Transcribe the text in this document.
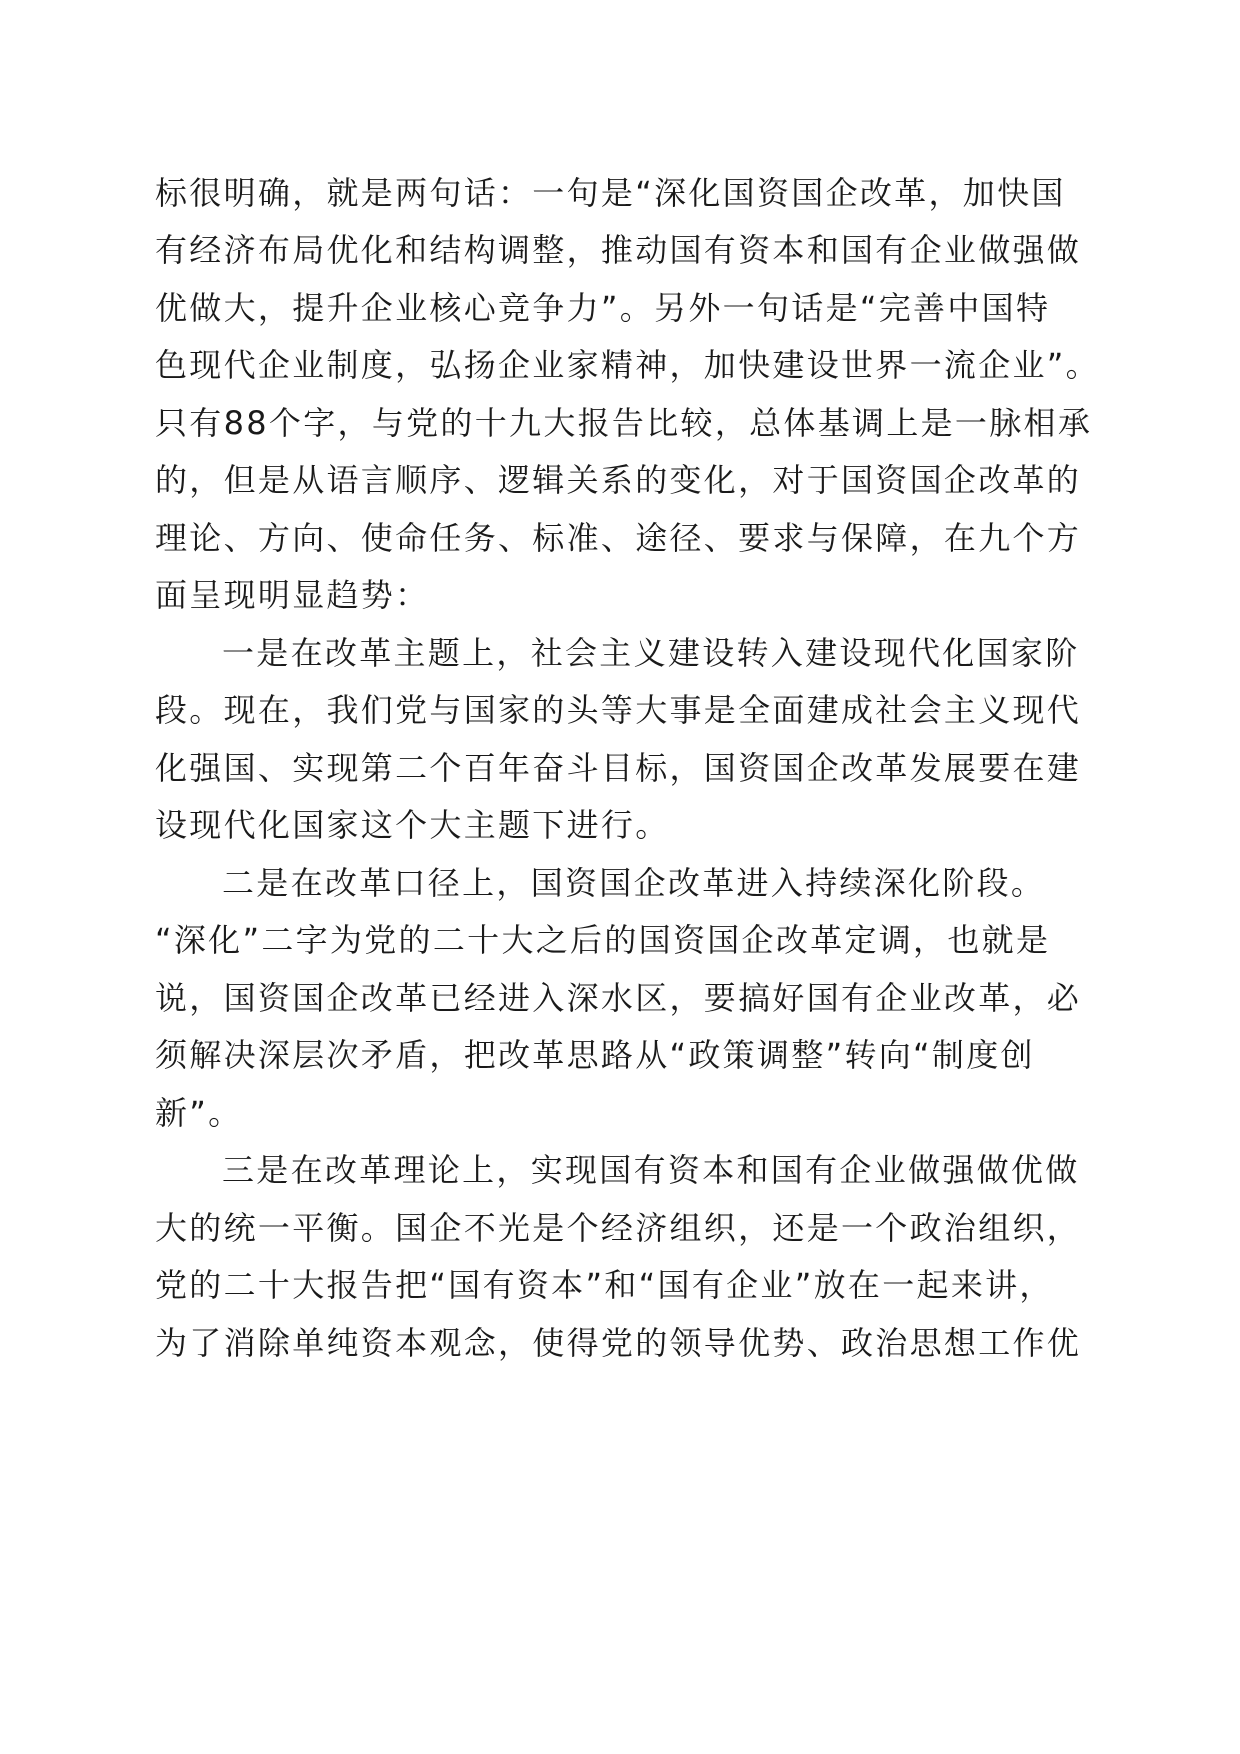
标很明确，就是两句话：一句是“深化国资国企改革，加快国
有经济布局优化和结构调整，推动国有资本和国有企业做强做
优做大，提升企业核心竞争力”。另外一句话是“完善中国特
色现代企业制度，弘扬企业家精神，加快建设世界一流企业”。
只有88个字，与党的十九大报告比较，总体基调上是一脉相承
的，但是从语言顺序、逻辑关系的变化，对于国资国企改革的
理论、方向、使命任务、标准、途径、要求与保障，在九个方
面呈现明显趋势：
一是在改革主题上，社会主义建设转入建设现代化国家阶
段。现在，我们党与国家的头等大事是全面建成社会主义现代
化强国、实现第二个百年奋斗目标，国资国企改革发展要在建
设现代化国家这个大主题下进行。
二是在改革口径上，国资国企改革进入持续深化阶段。
“深化”二字为党的二十大之后的国资国企改革定调，也就是
说，国资国企改革已经进入深水区，要搞好国有企业改革，必
须解决深层次矛盾，把改革思路从“政策调整”转向“制度创
新”。
三是在改革理论上，实现国有资本和国有企业做强做优做
大的统一平衡。国企不光是个经济组织，还是一个政治组织，
党的二十大报告把“国有资本”和“国有企业”放在一起来讲，
为了消除单纯资本观念，使得党的领导优势、政治思想工作优
